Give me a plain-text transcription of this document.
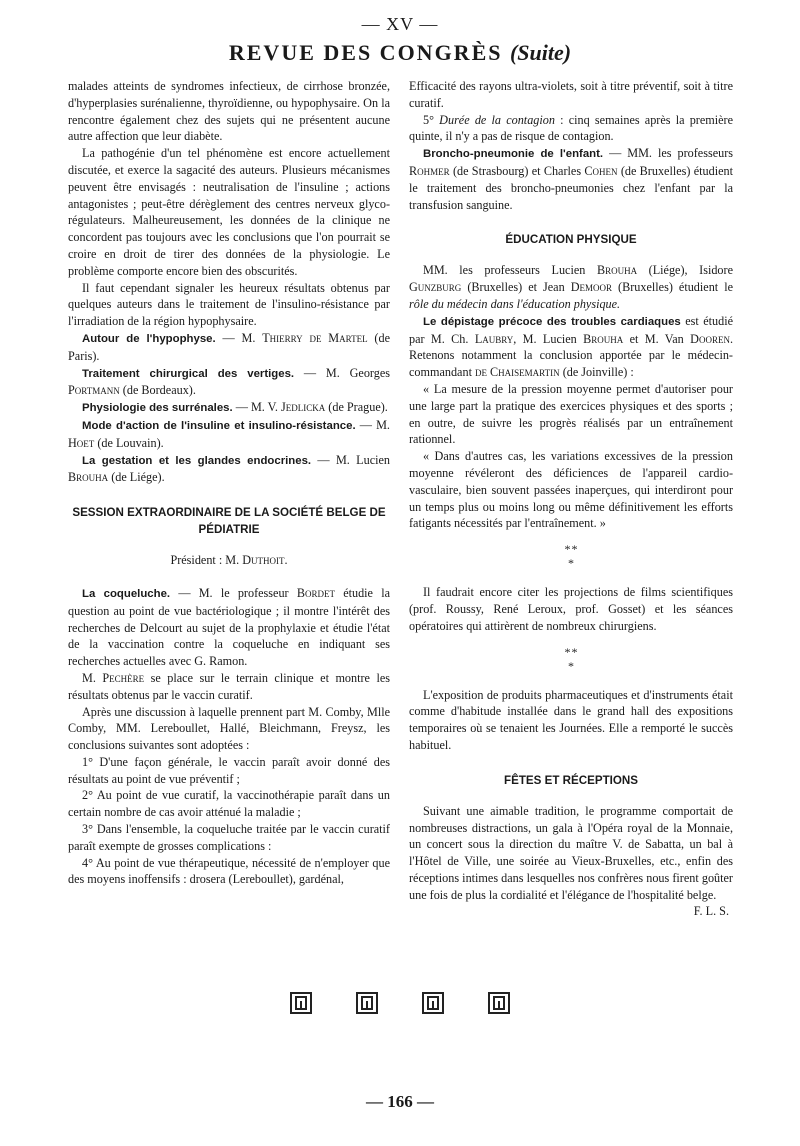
— XV —
REVUE DES CONGRÈS (Suite)

malades atteints de syndromes infectieux, de cirrhose bronzée, d'hyperplasies surénalienne, thyroïdienne, ou hypophysaire. On la rencontre également chez des sujets qui ne présentent aucune autre affection que leur diabète.

La pathogénie d'un tel phénomène est encore actuellement discutée, et exerce la sagacité des auteurs. Plusieurs mécanismes peuvent être envisagés : neutralisation de l'insuline ; actions antagonistes ; peut-être dérèglement des centres nerveux glyco-régulateurs. Malheureusement, les données de la clinique ne concordent pas toujours avec les conclusions que l'on pourrait se croire en droit de tirer des données de la physiologie. Le problème comporte encore bien des obscurités.

Il faut cependant signaler les heureux résultats obtenus par quelques auteurs dans le traitement de l'insulino-résistance par l'irradiation de la région hypophysaire.

Autour de l'hypophyse. — M. Thierry de Martel (de Paris).

Traitement chirurgical des vertiges. — M. Georges Portmann (de Bordeaux).

Physiologie des surrénales. — M. V. Jedlicka (de Prague).

Mode d'action de l'insuline et insulino-résistance. — M. Hoet (de Louvain).

La gestation et les glandes endocrines. — M. Lucien Brouha (de Liége).

SESSION EXTRAORDINAIRE DE LA SOCIÉTÉ BELGE DE PÉDIATRIE
Président : M. Duthoit.

La coqueluche. — M. le professeur Bordet étudie la question au point de vue bactériologique ; il montre l'intérêt des recherches de Delcourt au sujet de la prophylaxie et étudie l'état de la vaccination contre la coqueluche en indiquant ses recherches actuelles avec G. Ramon.

M. Pechère se place sur le terrain clinique et montre les résultats obtenus par le vaccin curatif.

Après une discussion à laquelle prennent part M. Comby, Mlle Comby, MM. Lereboullet, Hallé, Bleichmann, Freysz, les conclusions suivantes sont adoptées :

1° D'une façon générale, le vaccin paraît avoir donné des résultats au point de vue préventif ;

2° Au point de vue curatif, la vaccinothérapie paraît dans un certain nombre de cas avoir atténué la maladie ;

3° Dans l'ensemble, la coqueluche traitée par le vaccin curatif paraît exempte de grosses complications :

4° Au point de vue thérapeutique, nécessité de n'employer que des moyens inoffensifs : drosera (Lereboullet), gardénal,

Efficacité des rayons ultra-violets, soit à titre préventif, soit à titre curatif.

5° Durée de la contagion : cinq semaines après la première quinte, il n'y a pas de risque de contagion.

Broncho-pneumonie de l'enfant. — MM. les professeurs Rohmer (de Strasbourg) et Charles Cohen (de Bruxelles) étudient le traitement des broncho-pneumonies chez l'enfant par la transfusion sanguine.

ÉDUCATION PHYSIQUE

MM. les professeurs Lucien Brouha (Liége), Isidore Gunzburg (Bruxelles) et Jean Demoor (Bruxelles) étudient le rôle du médecin dans l'éducation physique.

Le dépistage précoce des troubles cardiaques est étudié par M. Ch. Laubry, M. Lucien Brouha et M. Van Dooren. Retenons notamment la conclusion apportée par le médecin-commandant de Chaisemartin (de Joinville) :

« La mesure de la pression moyenne permet d'autoriser pour une large part la pratique des exercices physiques et des sports ; en outre, de suivre les progrès réalisés par un entraînement rationnel.

« Dans d'autres cas, les variations excessives de la pression moyenne révéleront des déficiences de l'appareil cardio-vasculaire, bien souvent passées inaperçues, qui interdiront pour un temps plus ou moins long ou même définitivement les efforts fatigants nécessités par l'entraînement. »

* *
*

Il faudrait encore citer les projections de films scientifiques (prof. Roussy, René Leroux, prof. Gosset) et les séances opératoires qui attirèrent de nombreux chirurgiens.

* *
*

L'exposition de produits pharmaceutiques et d'instruments était comme d'habitude installée dans le grand hall des expositions temporaires où se tenaient les Journées. Elle a remporté le succès habituel.

FÊTES ET RÉCEPTIONS

Suivant une aimable tradition, le programme comportait de nombreuses distractions, un gala à l'Opéra royal de la Monnaie, un concert sous la direction du maître V. de Sabatta, un bal à l'Hôtel de Ville, une soirée au Vieux-Bruxelles, etc., enfin des réceptions intimes dans lesquelles nos confrères nous firent goûter une fois de plus la cordialité et l'élégance de l'hospitalité belge.

F. L. S.

— 166 —
